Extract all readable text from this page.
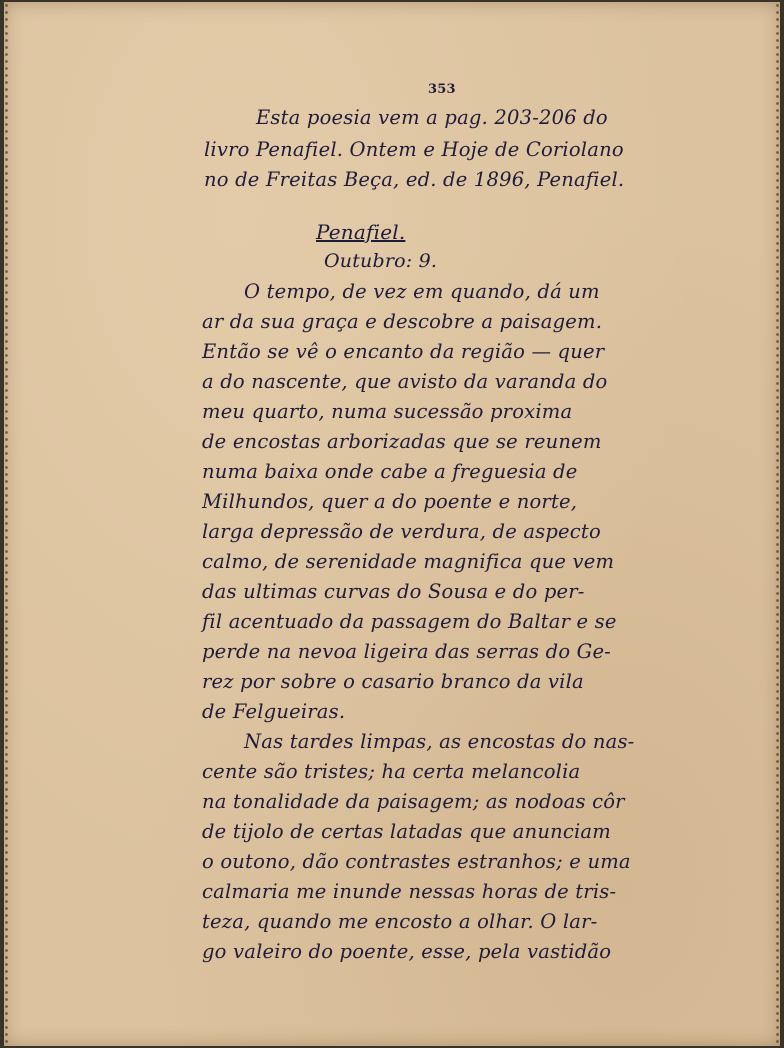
353

Esta poesia vem a pag. 203-206 do

livro Penafiel. Ontem e Hoje de Coriolano

no de Freitas Beça, ed. de 1896, Penafiel.

Penafiel.

Outubro: 9.

O tempo, de vez em quando, dá um

ar da sua graça e descobre a paisagem.

Então se vê o encanto da região — quer

a do nascente, que avisto da varanda do

meu quarto, numa sucessão proxima

de encostas arborizadas que se reunem

numa baixa onde cabe a freguesia de

Milhundos, quer a do poente e norte,

larga depressão de verdura, de aspecto

calmo, de serenidade magnifica que vem

das ultimas curvas do Sousa e do per-

fil acentuado da passagem do Baltar e se

perde na nevoa ligeira das serras do Ge-

rez por sobre o casario branco da vila

de Felgueiras.

Nas tardes limpas, as encostas do nas-

cente são tristes; ha certa melancolia

na tonalidade da paisagem; as nodoas côr

de tijolo de certas latadas que anunciam

o outono, dão contrastes estranhos; e uma

calmaria me inunde nessas horas de tris-

teza, quando me encosto a olhar. O lar-

go valeiro do poente, esse, pela vastidão
